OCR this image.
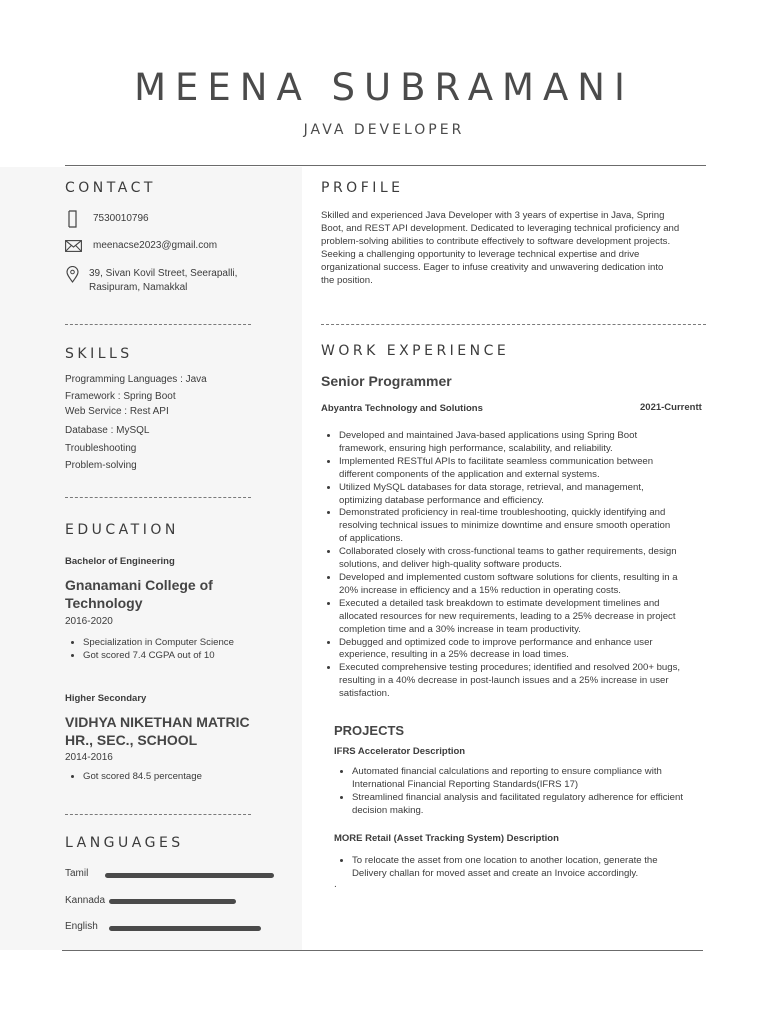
MEENA SUBRAMANI
JAVA DEVELOPER
CONTACT
7530010796
meenacse2023@gmail.com
39, Sivan Kovil Street, Seerapalli,
Rasipuram, Namakkal
SKILLS
Programming Languages : Java
Framework : Spring Boot
Web Service : Rest API
Database : MySQL
Troubleshooting
Problem-solving
EDUCATION
Bachelor of Engineering
Gnanamani College of
Technology
2016-2020
• Specialization in Computer Science
• Got scored 7.4 CGPA out of 10
Higher Secondary
VIDHYA NIKETHAN MATRIC
HR., SEC., SCHOOL
2014-2016
• Got scored 84.5 percentage
LANGUAGES
Tamil
Kannada
English
PROFILE
Skilled and experienced Java Developer with 3 years of expertise in Java, Spring
Boot, and REST API development. Dedicated to leveraging technical proficiency and
problem-solving abilities to contribute effectively to software development projects.
Seeking a challenging opportunity to leverage technical expertise and drive
organizational success. Eager to infuse creativity and unwavering dedication into
the position.
WORK EXPERIENCE
Senior Programmer
Abyantra Technology and Solutions	2021-Currentt
• Developed and maintained Java-based applications using Spring Boot
framework, ensuring high performance, scalability, and reliability.
• Implemented RESTful APIs to facilitate seamless communication between
different components of the application and external systems.
• Utilized MySQL databases for data storage, retrieval, and management,
optimizing database performance and efficiency.
• Demonstrated proficiency in real-time troubleshooting, quickly identifying and
resolving technical issues to minimize downtime and ensure smooth operation
of applications.
• Collaborated closely with cross-functional teams to gather requirements, design
solutions, and deliver high-quality software products.
• Developed and implemented custom software solutions for clients, resulting in a
20% increase in efficiency and a 15% reduction in operating costs.
• Executed a detailed task breakdown to estimate development timelines and
allocated resources for new requirements, leading to a 25% decrease in project
completion time and a 30% increase in team productivity.
• Debugged and optimized code to improve performance and enhance user
experience, resulting in a 25% decrease in load times.
• Executed comprehensive testing procedures; identified and resolved 200+ bugs,
resulting in a 40% decrease in post-launch issues and a 25% increase in user
satisfaction.
PROJECTS
IFRS Accelerator Description
• Automated financial calculations and reporting to ensure compliance with
International Financial Reporting Standards(IFRS 17)
• Streamlined financial analysis and facilitated regulatory adherence for efficient
decision making.
MORE Retail (Asset Tracking System) Description
• To relocate the asset from one location to another location, generate the
Delivery challan for moved asset and create an Invoice accordingly.
.
